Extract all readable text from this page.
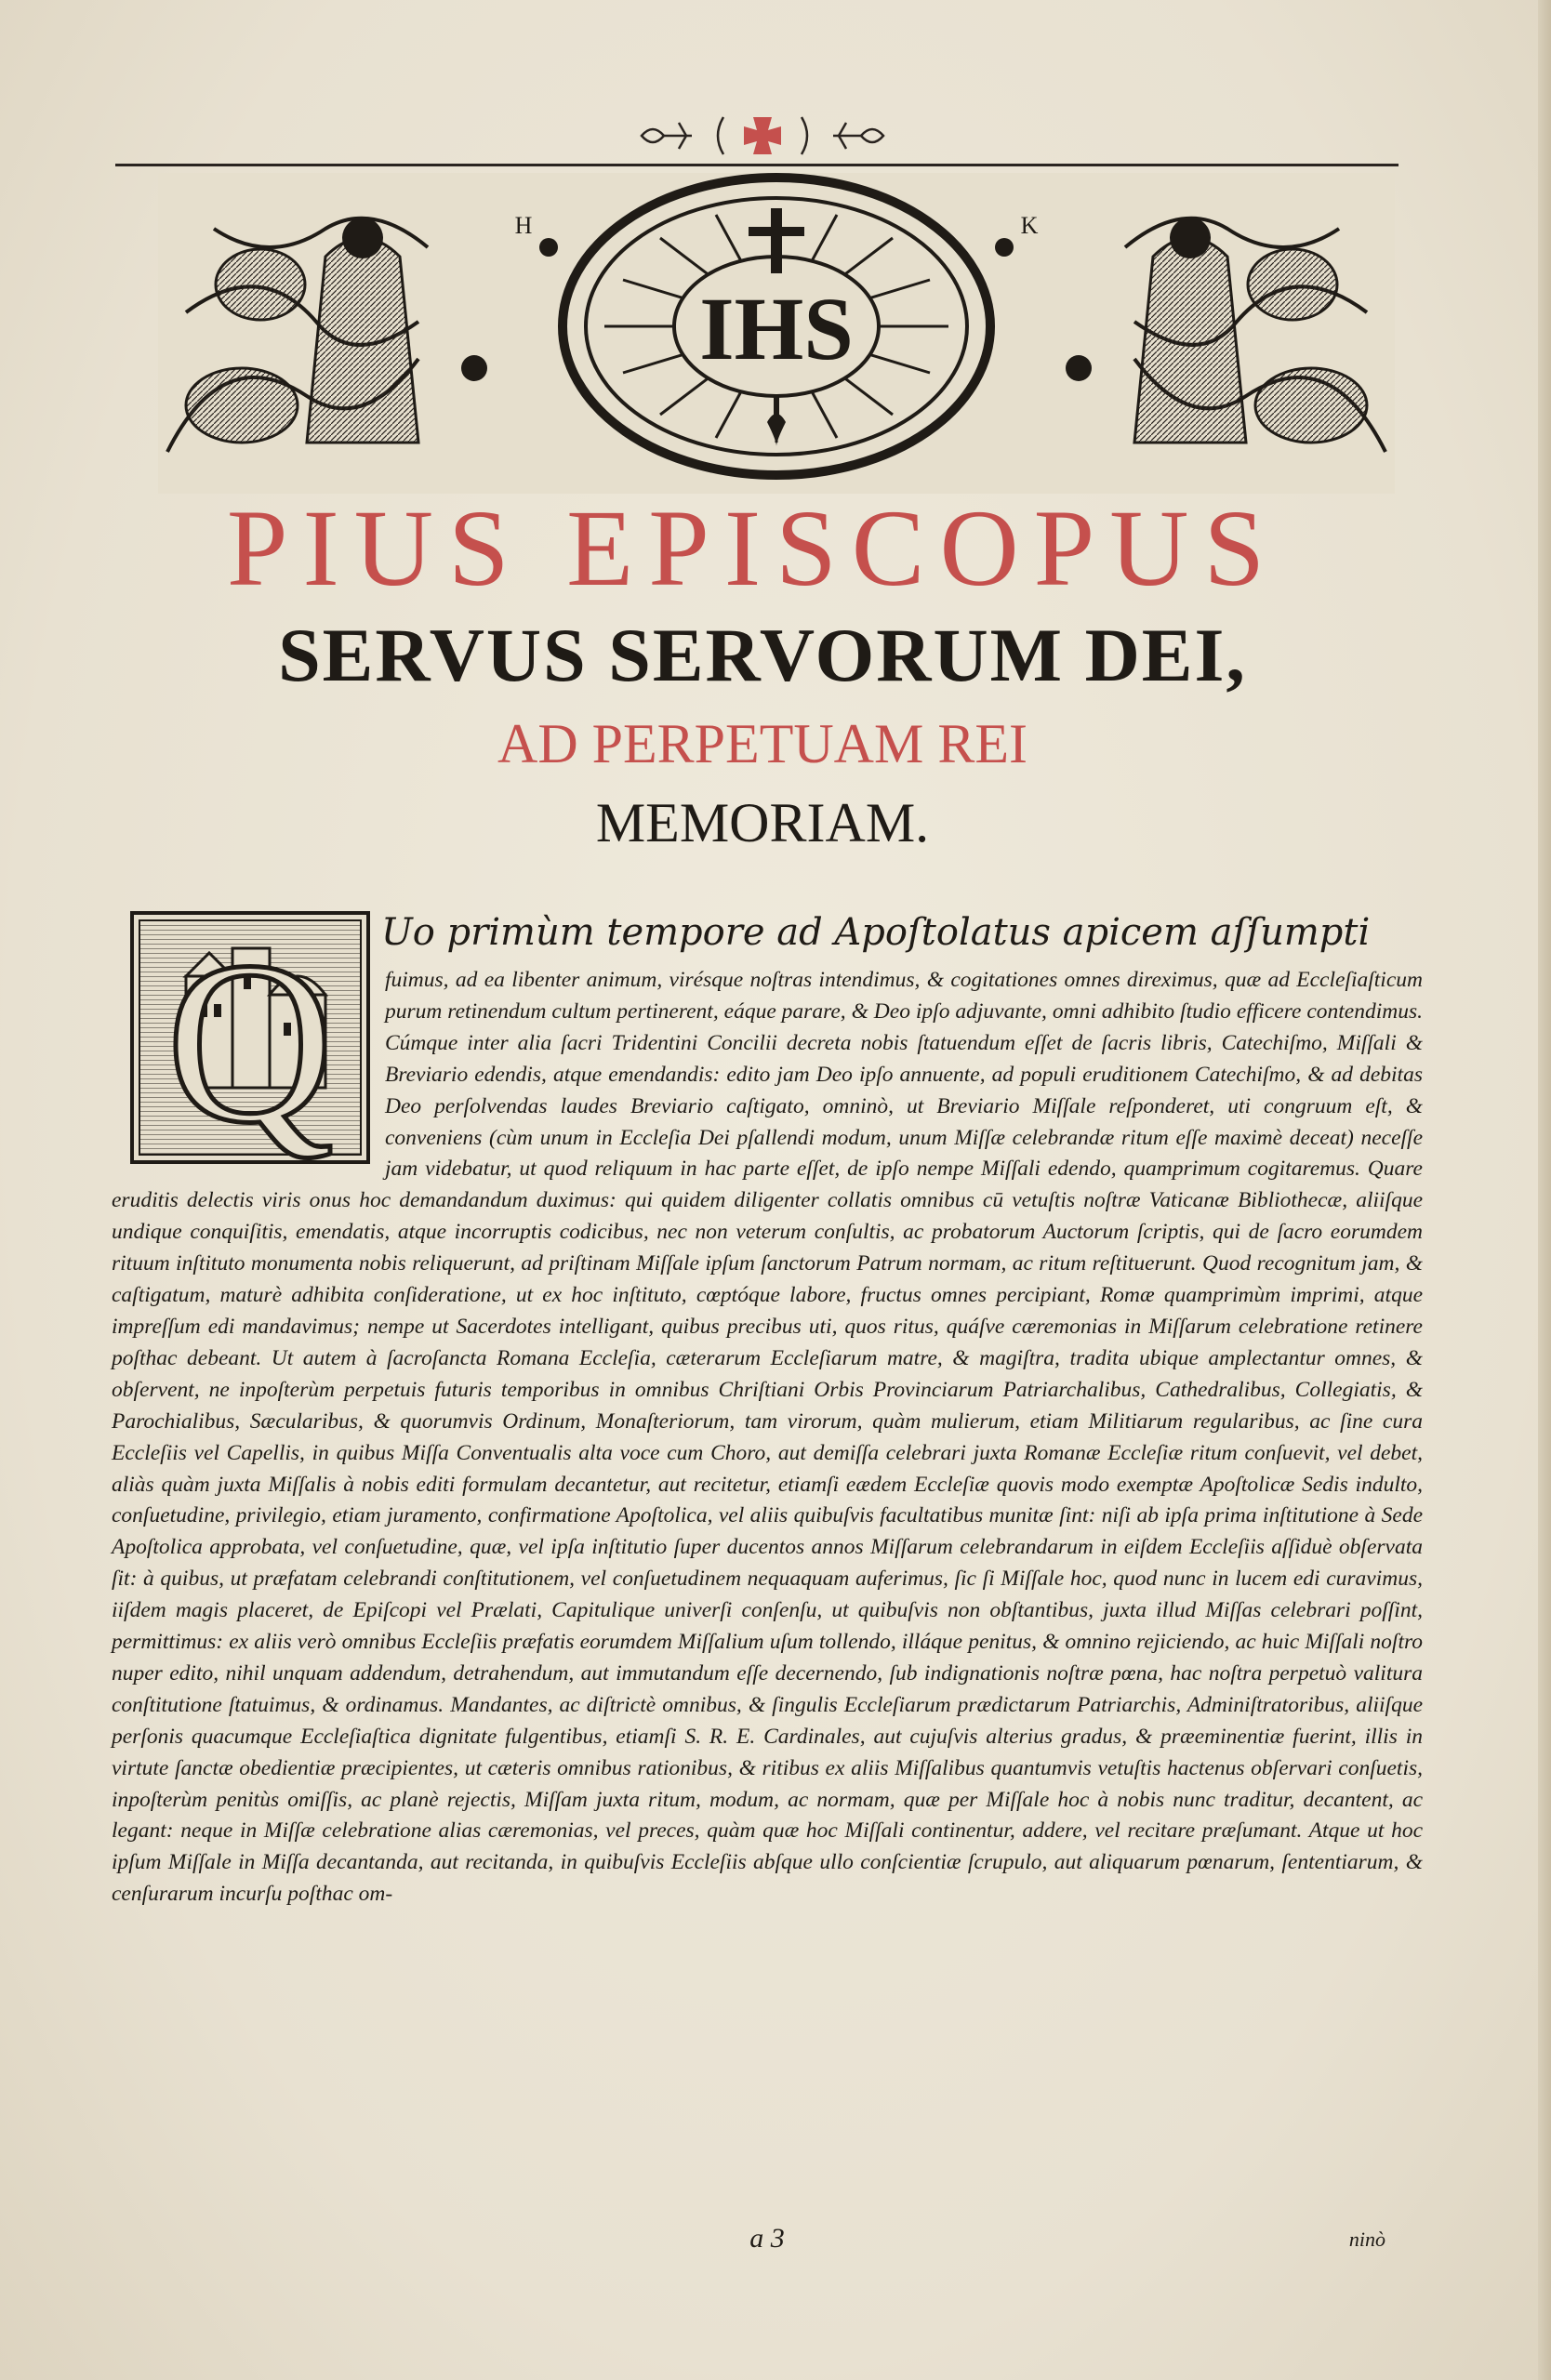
IHS
H	K
PIUS EPISCOPUS
SERVUS SERVORUM DEI,
AD PERPETUAM REI
MEMORIAM.
Q Uo primùm tempore ad Apoſtolatus apicem aſſumpti
fuimus, ad ea libenter animum, virésque noſtras intendimus, & cogitationes omnes direximus, quæ ad Eccleſiaſticum purum retinendum cultum pertinerent, eáque parare, & Deo ipſo adjuvante, omni adhibito ſtudio efficere contendimus. Cúmque inter alia ſacri Tridentini Concilii decreta nobis ſtatuendum eſſet de ſacris libris, Catechiſmo, Miſſali & Breviario edendis, atque emendandis: edito jam Deo ipſo annuente, ad populi eruditionem Catechiſmo, & ad debitas Deo perſolvendas laudes Breviario caſtigato, omninò, ut Breviario Miſſale reſponderet, uti congruum eſt, & conveniens (cùm unum in Eccleſia Dei pſallendi modum, unum Miſſæ celebrandæ ritum eſſe maximè deceat) neceſſe jam videbatur, ut quod reliquum in hac parte eſſet, de ipſo nempe Miſſali edendo, quamprimum cogitaremus. Quare eruditis delectis viris onus hoc demandandum duximus: qui quidem diligenter collatis omnibus cū vetuſtis noſtræ Vaticanæ Bibliothecæ, aliiſque undique conquiſitis, emendatis, atque incorruptis codicibus, nec non veterum conſultis, ac probatorum Auctorum ſcriptis, qui de ſacro eorumdem rituum inſtituto monumenta nobis reliquerunt, ad priſtinam Miſſale ipſum ſanctorum Patrum normam, ac ritum reſtituerunt. Quod recognitum jam, & caſtigatum, maturè adhibita conſideratione, ut ex hoc inſtituto, cœptóque labore, fructus omnes percipiant, Romæ quamprimùm imprimi, atque impreſſum edi mandavimus; nempe ut Sacerdotes intelligant, quibus precibus uti, quos ritus, quáſve cæremonias in Miſſarum celebratione retinere poſthac debeant. Ut autem à ſacroſancta Romana Eccleſia, cæterarum Eccleſiarum matre, & magiſtra, tradita ubique amplectantur omnes, & obſervent, ne inpoſterùm perpetuis futuris temporibus in omnibus Chriſtiani Orbis Provinciarum Patriarchalibus, Cathedralibus, Collegiatis, & Parochialibus, Sæcularibus, & quorumvis Ordinum, Monaſteriorum, tam virorum, quàm mulierum, etiam Militiarum regularibus, ac ſine cura Eccleſiis vel Capellis, in quibus Miſſa Conventualis alta voce cum Choro, aut demiſſa celebrari juxta Romanæ Eccleſiæ ritum conſuevit, vel debet, aliàs quàm juxta Miſſalis à nobis editi formulam decantetur, aut recitetur, etiamſi eædem Eccleſiæ quovis modo exemptæ Apoſtolicæ Sedis indulto, conſuetudine, privilegio, etiam juramento, confirmatione Apoſtolica, vel aliis quibuſvis facultatibus munitæ ſint: niſi ab ipſa prima inſtitutione à Sede Apoſtolica approbata, vel conſuetudine, quæ, vel ipſa inſtitutio ſuper ducentos annos Miſſarum celebrandarum in eiſdem Eccleſiis aſſiduè obſervata ſit: à quibus, ut præfatam celebrandi conſtitutionem, vel conſuetudinem nequaquam auferimus, ſic ſi Miſſale hoc, quod nunc in lucem edi curavimus, iiſdem magis placeret, de Epiſcopi vel Prælati, Capitulique univerſi conſenſu, ut quibuſvis non obſtantibus, juxta illud Miſſas celebrari poſſint, permittimus: ex aliis verò omnibus Eccleſiis præfatis eorumdem Miſſalium uſum tollendo, illáque penitus, & omnino rejiciendo, ac huic Miſſali noſtro nuper edito, nihil unquam addendum, detrahendum, aut immutandum eſſe decernendo, ſub indignationis noſtræ pœna, hac noſtra perpetuò valitura conſtitutione ſtatuimus, & ordinamus. Mandantes, ac diſtrictè omnibus, & ſingulis Eccleſiarum prædictarum Patriarchis, Adminiſtratoribus, aliiſque perſonis quacumque Eccleſiaſtica dignitate fulgentibus, etiamſi S. R. E. Cardinales, aut cujuſvis alterius gradus, & præeminentiæ fuerint, illis in virtute ſanctæ obedientiæ præcipientes, ut cæteris omnibus rationibus, & ritibus ex aliis Miſſalibus quantumvis vetuſtis hactenus obſervari conſuetis, inpoſterùm penitùs omiſſis, ac planè rejectis, Miſſam juxta ritum, modum, ac normam, quæ per Miſſale hoc à nobis nunc traditur, decantent, ac legant: neque in Miſſæ celebratione alias cæremonias, vel preces, quàm quæ hoc Miſſali continentur, addere, vel recitare præſumant. Atque ut hoc ipſum Miſſale in Miſſa decantanda, aut recitanda, in quibuſvis Eccleſiis abſque ullo conſcientiæ ſcrupulo, aut aliquarum pœnarum, ſententiarum, & cenſurarum incurſu poſthac om-
a 3	ninò
